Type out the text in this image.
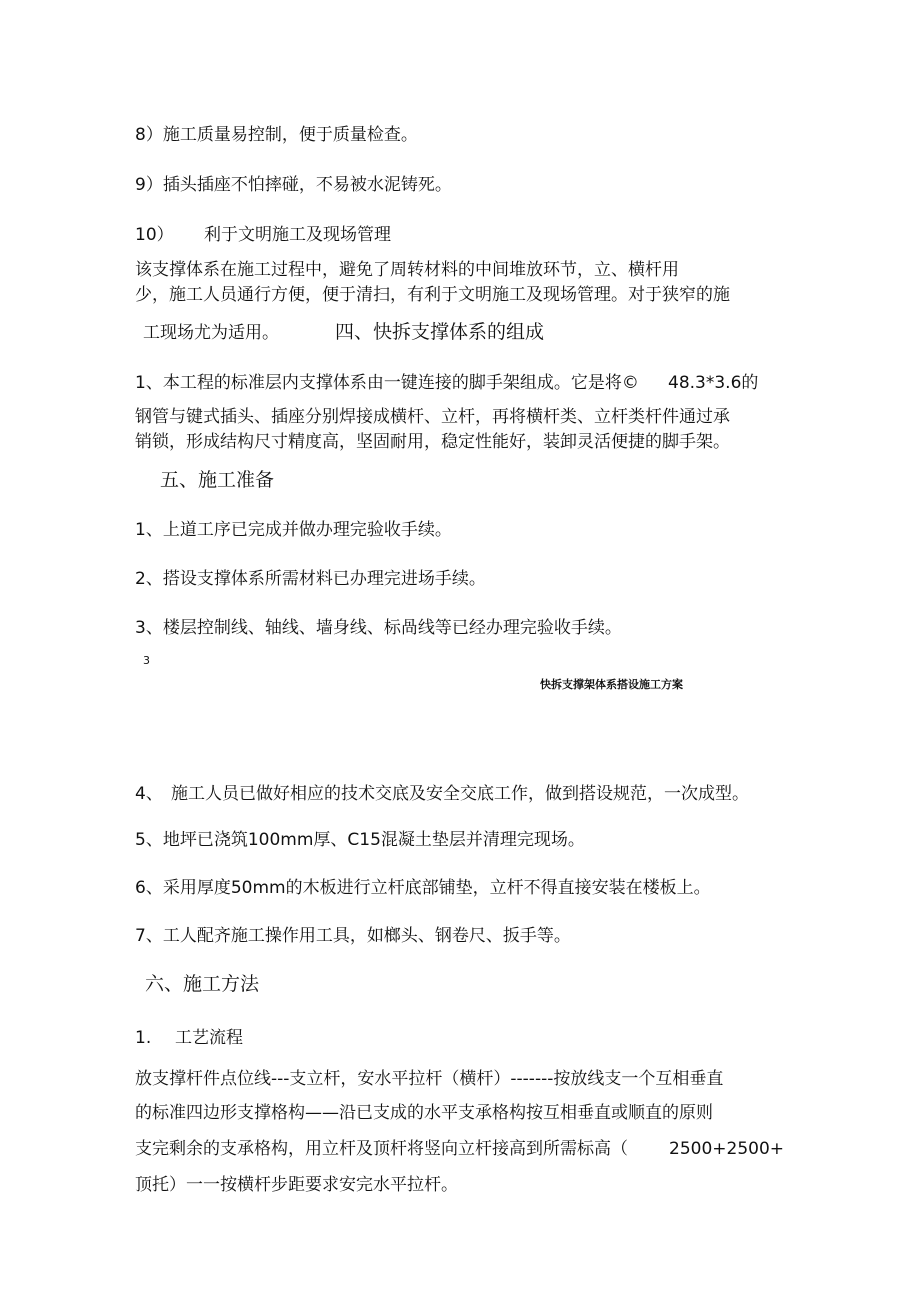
8）施工质量易控制，便于质量检查。
9）插头插座不怕摔碰，不易被水泥铸死。
10） 利于文明施工及现场管理
该支撑体系在施工过程中，避免了周转材料的中间堆放环节，立、横杆用
少，施工人员通行方便，便于清扫，有利于文明施工及现场管理。对于狭窄的施
工现场尤为适用。	四、快拆支撑体系的组成
1、本工程的标准层内支撑体系由一键连接的脚手架组成。它是将© 48.3*3.6的
钢管与键式插头、插座分别焊接成横杆、立杆，再将横杆类、立杆类杆件通过承
销锁，形成结构尺寸精度高，坚固耐用，稳定性能好，装卸灵活便捷的脚手架。
五、施工准备
1、上道工序已完成并做办理完验收手续。
2、搭设支撑体系所需材料已办理完进场手续。
3、楼层控制线、轴线、墙身线、标咼线等已经办理完验收手续。
3
快拆支撑架体系搭设施工方案
4、 施工人员已做好相应的技术交底及安全交底工作，做到搭设规范，一次成型。
5、地坪已浇筑100mm厚、C15混凝土垫层并清理完现场。
6、采用厚度50mm的木板进行立杆底部铺垫，立杆不得直接安装在楼板上。
7、工人配齐施工操作用工具，如榔头、钢卷尺、扳手等。
六、施工方法
1. 工艺流程
放支撑杆件点位线---支立杆，安水平拉杆（横杆）-------按放线支一个互相垂直
的标准四边形支撑格构——沿已支成的水平支承格构按互相垂直或顺直的原则
支完剩余的支承格构，用立杆及顶杆将竖向立杆接高到所需标高（ 2500+2500+
顶托）一一按横杆步距要求安完水平拉杆。
